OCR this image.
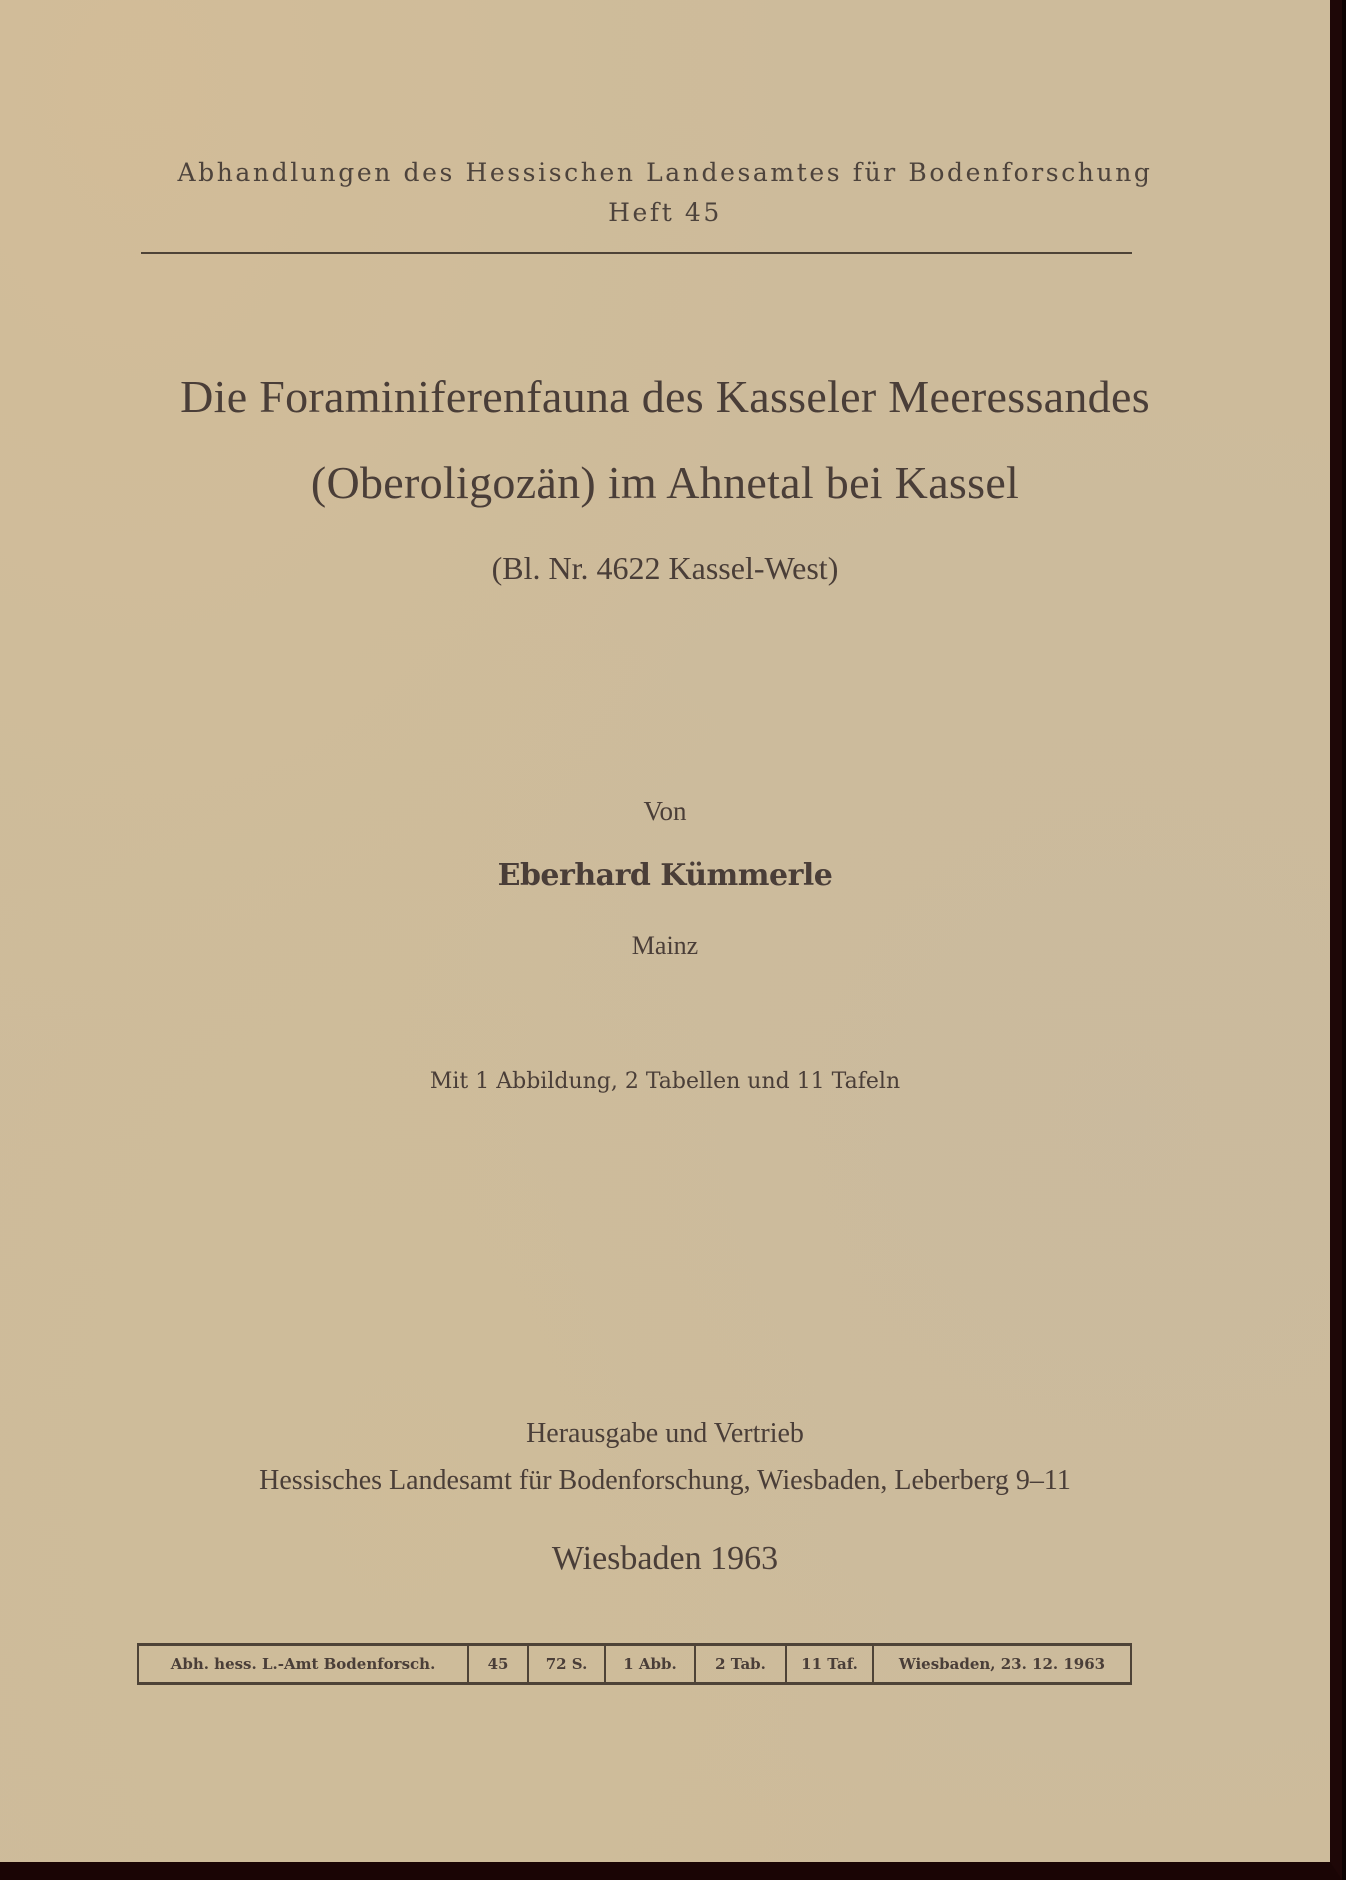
Abhandlungen des Hessischen Landesamtes für Bodenforschung
Heft 45
Die Foraminiferenfauna des Kasseler Meeressandes
(Oberoligozän) im Ahnetal bei Kassel
(Bl. Nr. 4622 Kassel-West)
Von
Eberhard Kümmerle
Mainz
Mit 1 Abbildung, 2 Tabellen und 11 Tafeln
Herausgabe und Vertrieb
Hessisches Landesamt für Bodenforschung, Wiesbaden, Leberberg 9–11
Wiesbaden 1963
Abh. hess. L.-Amt Bodenforsch.	45	72 S.	1 Abb.	2 Tab.	11 Taf.	Wiesbaden, 23. 12. 1963
